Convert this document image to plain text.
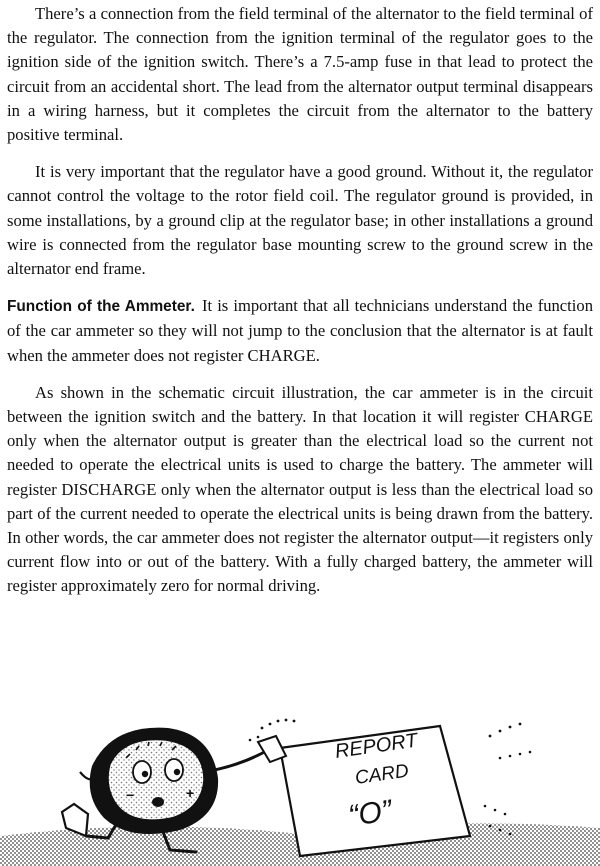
There’s a connection from the field terminal of the alternator to the field terminal of the regulator. The connection from the ignition terminal of the regulator goes to the ignition side of the ignition switch. There’s a 7.5-amp fuse in that lead to protect the circuit from an accidental short. The lead from the alternator output terminal disappears in a wiring harness, but it completes the circuit from the alternator to the battery positive terminal.

It is very important that the regulator have a good ground. Without it, the regulator cannot control the voltage to the rotor field coil. The regulator ground is provided, in some installations, by a ground clip at the regulator base; in other installations a ground wire is connected from the regulator base mounting screw to the ground screw in the alternator end frame.

Function of the Ammeter. It is important that all technicians understand the function of the car ammeter so they will not jump to the conclusion that the alternator is at fault when the ammeter does not register CHARGE.

As shown in the schematic circuit illustration, the car ammeter is in the circuit between the ignition switch and the battery. In that location it will register CHARGE only when the alternator output is greater than the electrical load so the current not needed to operate the electrical units is used to charge the battery. The ammeter will register DISCHARGE only when the alternator output is less than the electrical load so part of the current needed to operate the electrical units is being drawn from the battery. In other words, the car ammeter does not register the alternator output—it registers only current flow into or out of the battery. With a fully charged battery, the ammeter will register approximately zero for normal driving.

−	+
REPORT
CARD
“O”
